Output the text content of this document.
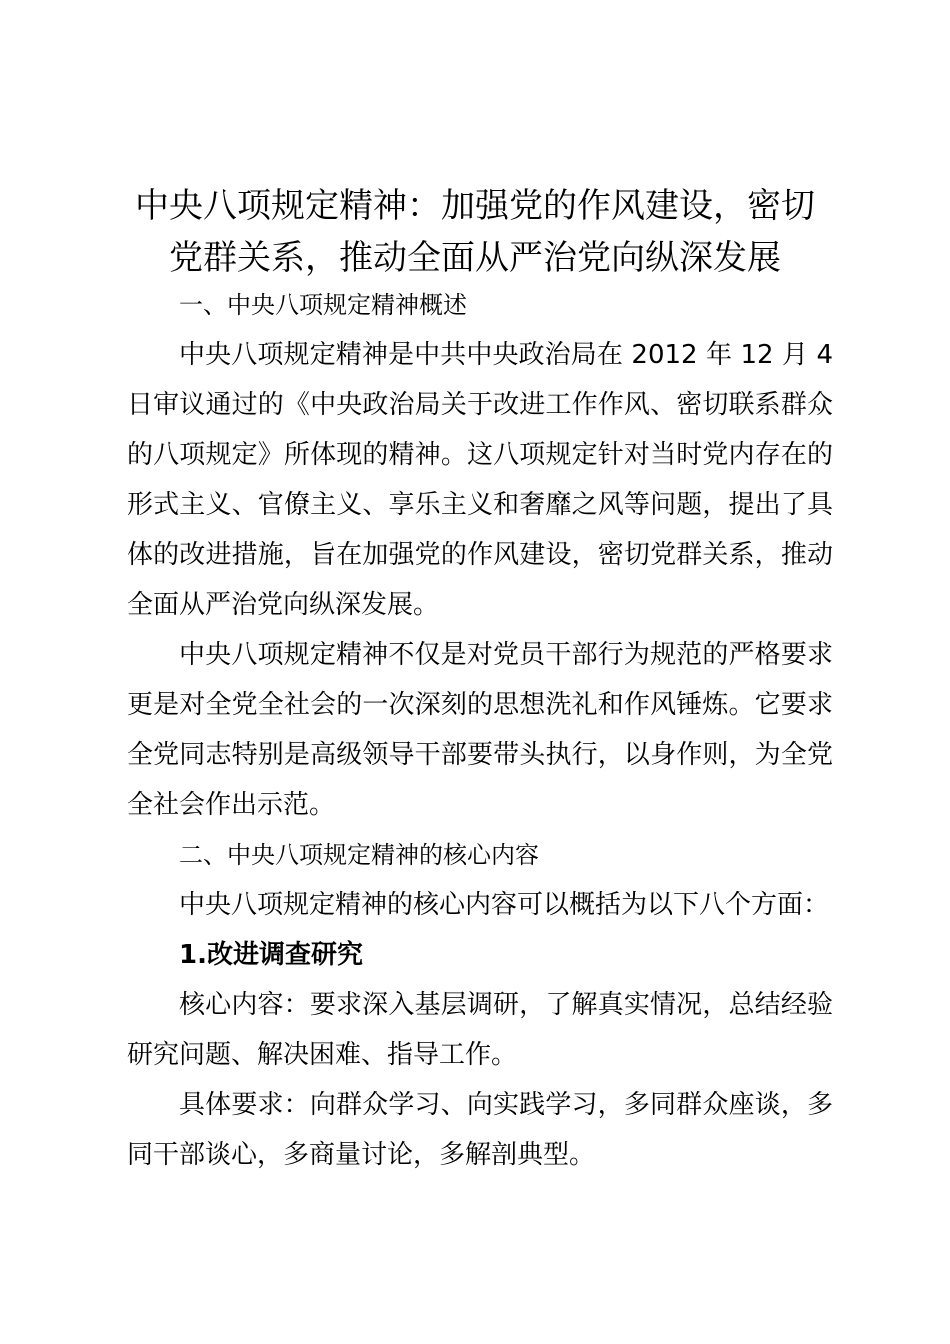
中央八项规定精神：加强党的作风建设，密切
党群关系，推动全面从严治党向纵深发展
一、中央八项规定精神概述
中央八项规定精神是中共中央政治局在 2012 年 12 月 4 日审议通过的《中央政治局关于改进工作作风、密切联系群众的八项规定》所体现的精神。这八项规定针对当时党内存在的形式主义、官僚主义、享乐主义和奢靡之风等问题，提出了具体的改进措施，旨在加强党的作风建设，密切党群关系，推动全面从严治党向纵深发展。
中央八项规定精神不仅是对党员干部行为规范的严格要求更是对全党全社会的一次深刻的思想洗礼和作风锤炼。它要求全党同志特别是高级领导干部要带头执行，以身作则，为全党全社会作出示范。
二、中央八项规定精神的核心内容
中央八项规定精神的核心内容可以概括为以下八个方面：
1.改进调查研究
核心内容：要求深入基层调研，了解真实情况，总结经验研究问题、解决困难、指导工作。
具体要求：向群众学习、向实践学习，多同群众座谈，多同干部谈心，多商量讨论，多解剖典型。
